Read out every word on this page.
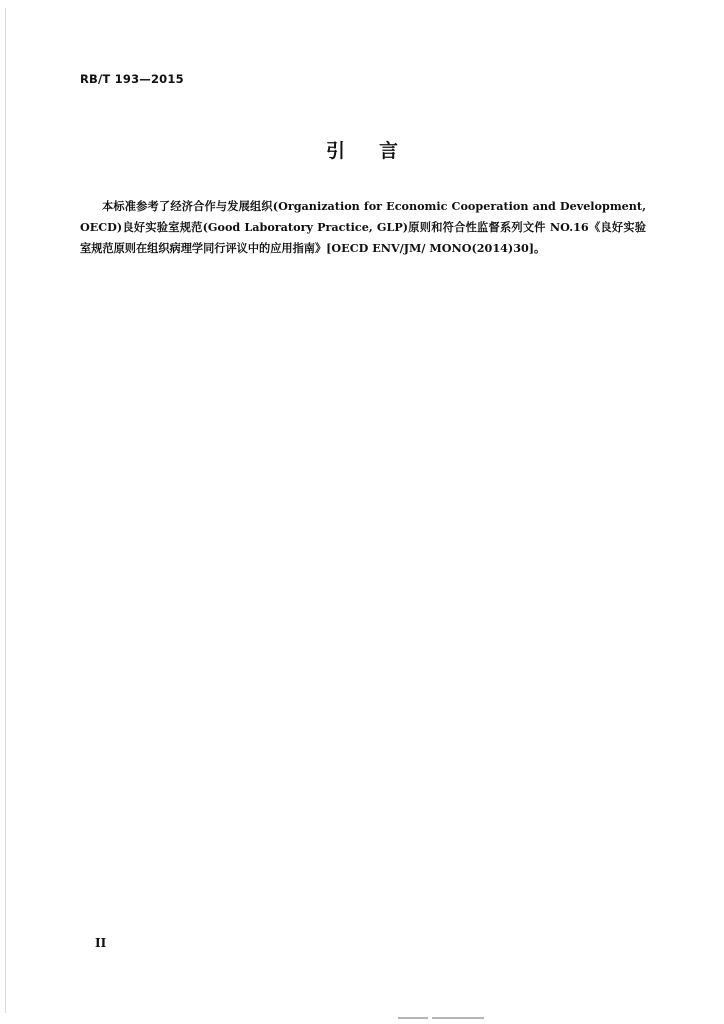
RB/T 193—2015
引 言

本标准参考了经济合作与发展组织(Organization for Economic Cooperation and Development, OECD)良好实验室规范(Good Laboratory Practice, GLP)原则和符合性监督系列文件 NO.16《良好实验室规范原则在组织病理学同行评议中的应用指南》[OECD ENV/JM/ MONO(2014)30]。

II
